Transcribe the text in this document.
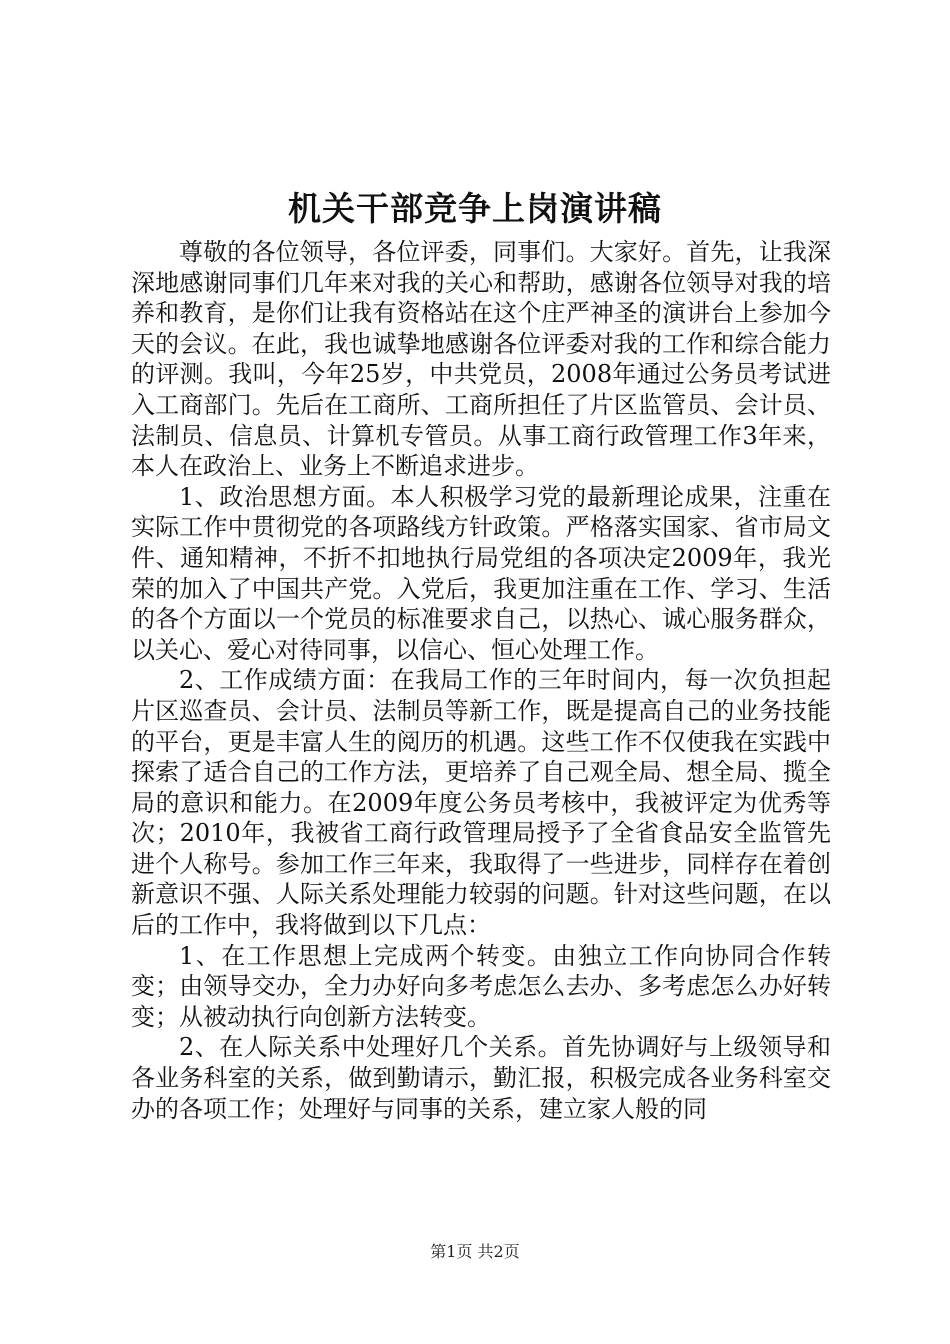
机关干部竞争上岗演讲稿

尊敬的各位领导，各位评委，同事们。大家好。首先，让我深深地感谢同事们几年来对我的关心和帮助，感谢各位领导对我的培养和教育，是你们让我有资格站在这个庄严神圣的演讲台上参加今天的会议。在此，我也诚挚地感谢各位评委对我的工作和综合能力的评测。我叫，今年25岁，中共党员，2008年通过公务员考试进入工商部门。先后在工商所、工商所担任了片区监管员、会计员、法制员、信息员、计算机专管员。从事工商行政管理工作3年来，本人在政治上、业务上不断追求进步。

1、政治思想方面。本人积极学习党的最新理论成果，注重在实际工作中贯彻党的各项路线方针政策。严格落实国家、省市局文件、通知精神，不折不扣地执行局党组的各项决定2009年，我光荣的加入了中国共产党。入党后，我更加注重在工作、学习、生活的各个方面以一个党员的标准要求自己，以热心、诚心服务群众，以关心、爱心对待同事，以信心、恒心处理工作。

2、工作成绩方面：在我局工作的三年时间内，每一次负担起片区巡查员、会计员、法制员等新工作，既是提高自己的业务技能的平台，更是丰富人生的阅历的机遇。这些工作不仅使我在实践中探索了适合自己的工作方法，更培养了自己观全局、想全局、揽全局的意识和能力。在2009年度公务员考核中，我被评定为优秀等次；2010年，我被省工商行政管理局授予了全省食品安全监管先进个人称号。参加工作三年来，我取得了一些进步，同样存在着创新意识不强、人际关系处理能力较弱的问题。针对这些问题，在以后的工作中，我将做到以下几点：

1、在工作思想上完成两个转变。由独立工作向协同合作转变；由领导交办，全力办好向多考虑怎么去办、多考虑怎么办好转变；从被动执行向创新方法转变。

2、在人际关系中处理好几个关系。首先协调好与上级领导和各业务科室的关系，做到勤请示，勤汇报，积极完成各业务科室交办的各项工作；处理好与同事的关系，建立家人般的同

第1页 共2页
